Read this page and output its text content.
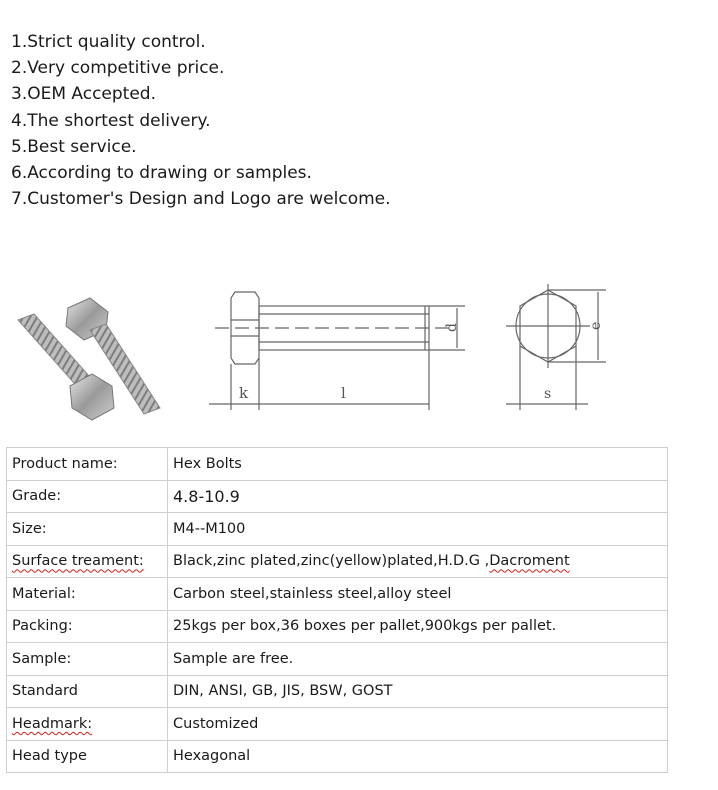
1.Strict quality control.
2.Very competitive price.
3.OEM Accepted.
4.The shortest delivery.
5.Best service.
6.According to drawing or samples.
7.Customer's Design and Logo are welcome.
k	l
d	e
s
Product name:	Hex Bolts
Grade:	4.8-10.9
Size:	M4--M100
Surface treament:	Black,zinc plated,zinc(yellow)plated,H.D.G ,Dacroment
Material:	Carbon steel,stainless steel,alloy steel
Packing:	25kgs per box,36 boxes per pallet,900kgs per pallet.
Sample:	Sample are free.
Standard	DIN, ANSI, GB, JIS, BSW, GOST
Headmark:	Customized
Head type	Hexagonal
